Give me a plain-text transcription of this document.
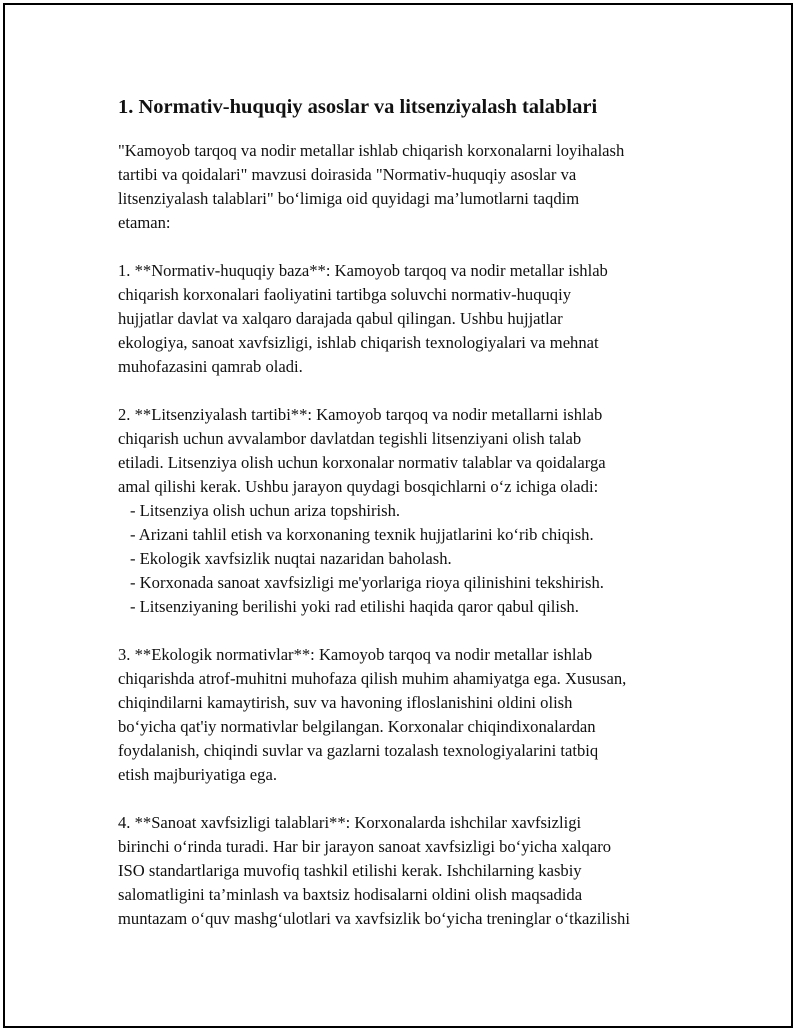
1. Normativ-huquqiy asoslar va litsenziyalash talablari
"Kamoyob tarqoq va nodir metallar ishlab chiqarish korxonalarni loyihalash
tartibi va qoidalari" mavzusi doirasida "Normativ-huquqiy asoslar va
litsenziyalash talablari" bo‘limiga oid quyidagi ma’lumotlarni taqdim
etaman:
1. **Normativ-huquqiy baza**: Kamoyob tarqoq va nodir metallar ishlab
chiqarish korxonalari faoliyatini tartibga soluvchi normativ-huquqiy
hujjatlar davlat va xalqaro darajada qabul qilingan. Ushbu hujjatlar
ekologiya, sanoat xavfsizligi, ishlab chiqarish texnologiyalari va mehnat
muhofazasini qamrab oladi.
2. **Litsenziyalash tartibi**: Kamoyob tarqoq va nodir metallarni ishlab
chiqarish uchun avvalambor davlatdan tegishli litsenziyani olish talab
etiladi. Litsenziya olish uchun korxonalar normativ talablar va qoidalarga
amal qilishi kerak. Ushbu jarayon quydagi bosqichlarni o‘z ichiga oladi:
- Litsenziya olish uchun ariza topshirish.
- Arizani tahlil etish va korxonaning texnik hujjatlarini ko‘rib chiqish.
- Ekologik xavfsizlik nuqtai nazaridan baholash.
- Korxonada sanoat xavfsizligi me'yorlariga rioya qilinishini tekshirish.
- Litsenziyaning berilishi yoki rad etilishi haqida qaror qabul qilish.
3. **Ekologik normativlar**: Kamoyob tarqoq va nodir metallar ishlab
chiqarishda atrof-muhitni muhofaza qilish muhim ahamiyatga ega. Xususan,
chiqindilarni kamaytirish, suv va havoning ifloslanishini oldini olish
bo‘yicha qat'iy normativlar belgilangan. Korxonalar chiqindixonalardan
foydalanish, chiqindi suvlar va gazlarni tozalash texnologiyalarini tatbiq
etish majburiyatiga ega.
4. **Sanoat xavfsizligi talablari**: Korxonalarda ishchilar xavfsizligi
birinchi o‘rinda turadi. Har bir jarayon sanoat xavfsizligi bo‘yicha xalqaro
ISO standartlariga muvofiq tashkil etilishi kerak. Ishchilarning kasbiy
salomatligini ta’minlash va baxtsiz hodisalarni oldini olish maqsadida
muntazam o‘quv mashg‘ulotlari va xavfsizlik bo‘yicha treninglar o‘tkazilishi
